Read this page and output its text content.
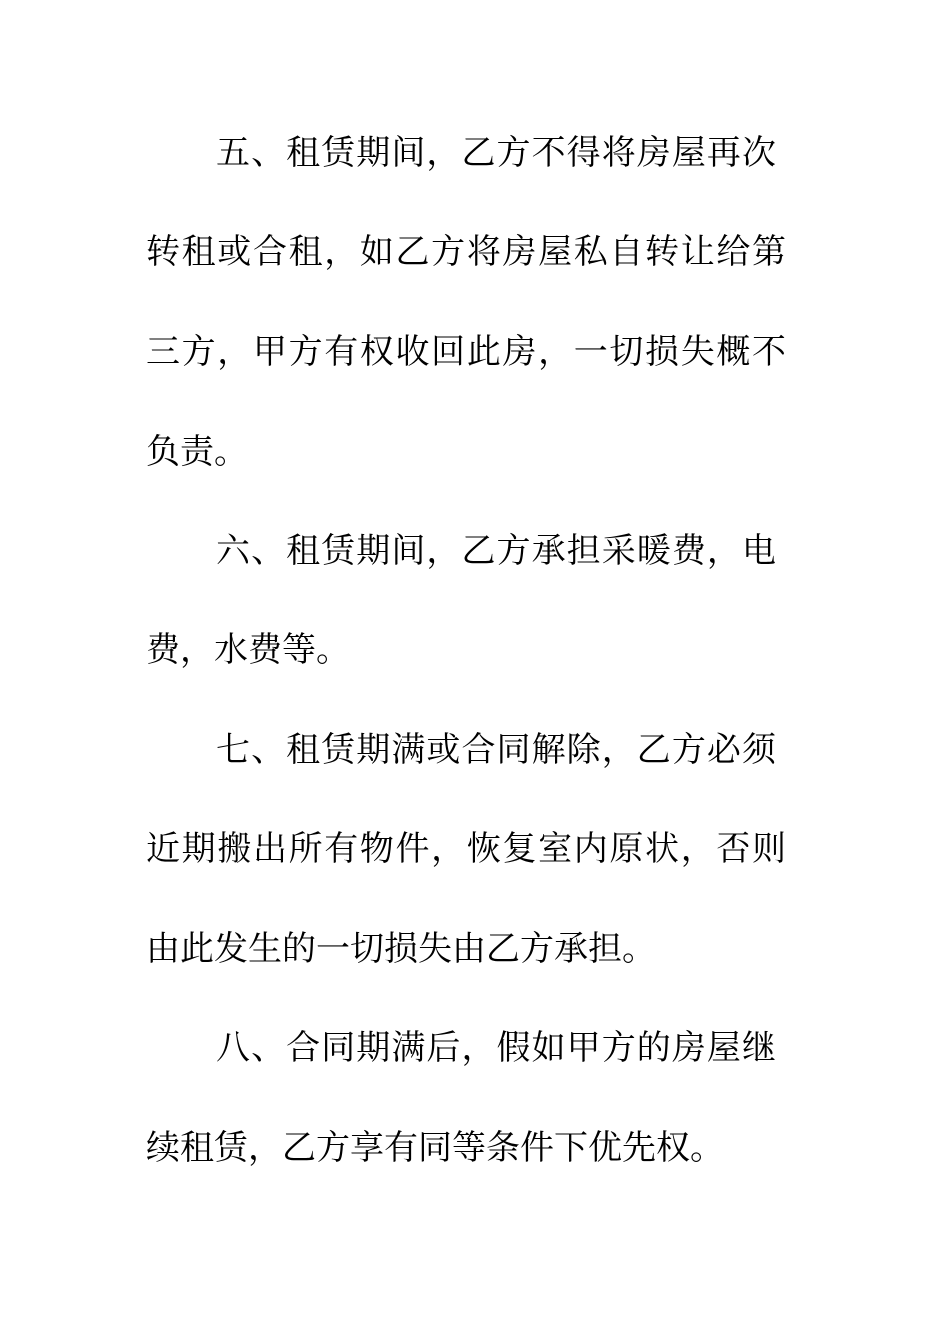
五、租赁期间，乙方不得将房屋再次
转租或合租，如乙方将房屋私自转让给第
三方，甲方有权收回此房，一切损失概不
负责。
六、租赁期间，乙方承担采暖费，电
费，水费等。
七、租赁期满或合同解除，乙方必须
近期搬出所有物件，恢复室内原状，否则
由此发生的一切损失由乙方承担。
八、合同期满后，假如甲方的房屋继
续租赁，乙方享有同等条件下优先权。
